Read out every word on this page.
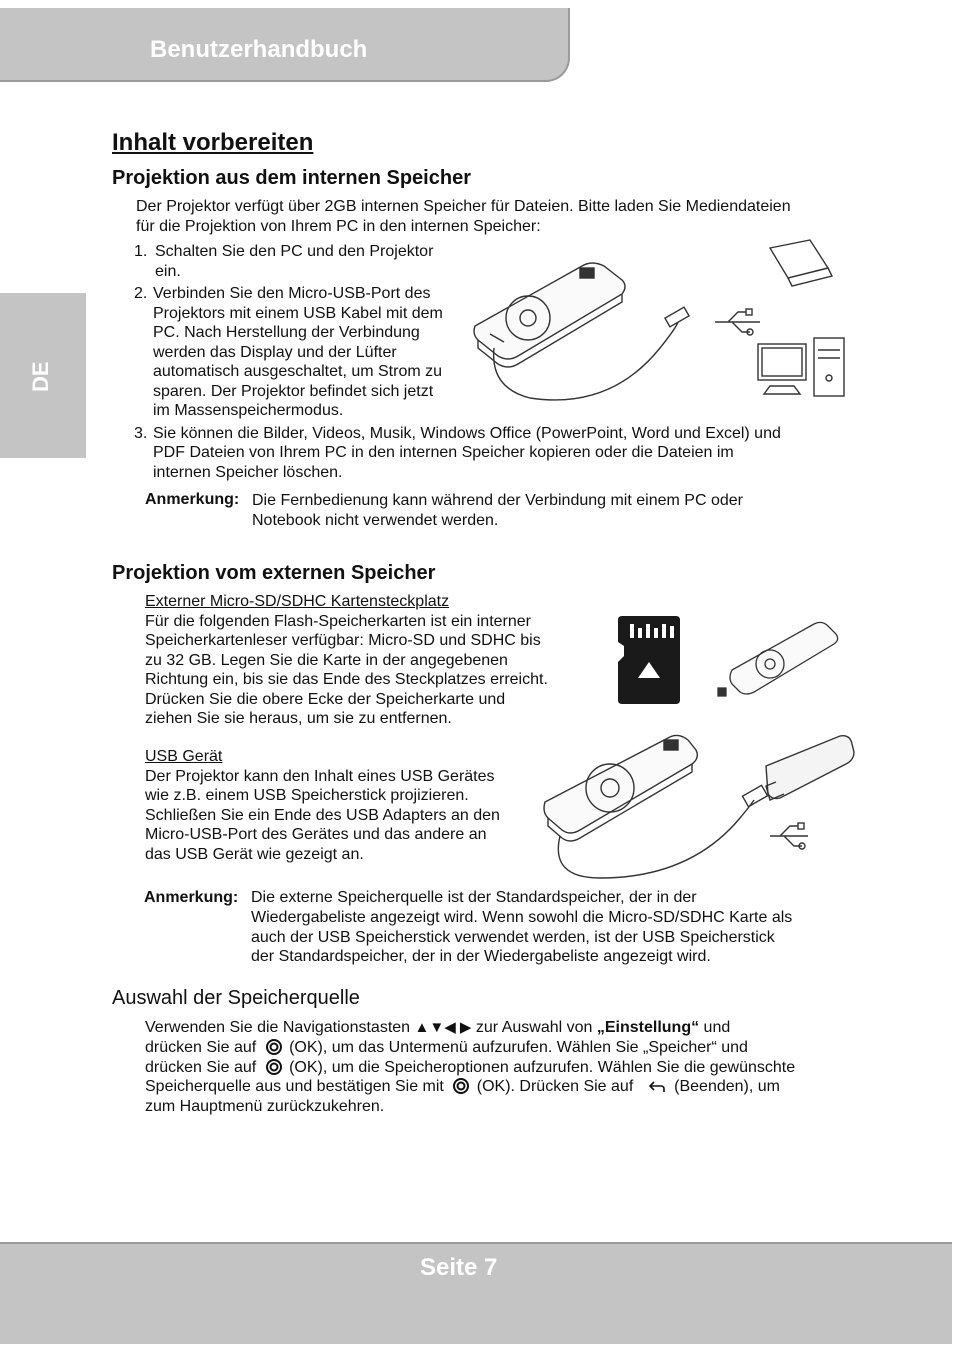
Benutzerhandbuch
DE
Inhalt vorbereiten
Projektion aus dem internen Speicher
Der Projektor verfügt über 2GB internen Speicher für Dateien. Bitte laden Sie Mediendateien
für die Projektion von Ihrem PC in den internen Speicher:
1. Schalten Sie den PC und den Projektor
ein.
2. Verbinden Sie den Micro-USB-Port des
Projektors mit einem USB Kabel mit dem
PC. Nach Herstellung der Verbindung
werden das Display und der Lüfter
automatisch ausgeschaltet, um Strom zu
sparen. Der Projektor befindet sich jetzt
im Massenspeichermodus.
3. Sie können die Bilder, Videos, Musik, Windows Office (PowerPoint, Word und Excel) und
PDF Dateien von Ihrem PC in den internen Speicher kopieren oder die Dateien im
internen Speicher löschen.
Anmerkung: Die Fernbedienung kann während der Verbindung mit einem PC oder
Notebook nicht verwendet werden.
Projektion vom externen Speicher
Externer Micro-SD/SDHC Kartensteckplatz
Für die folgenden Flash-Speicherkarten ist ein interner
Speicherkartenleser verfügbar: Micro-SD und SDHC bis
zu 32 GB. Legen Sie die Karte in der angegebenen
Richtung ein, bis sie das Ende des Steckplatzes erreicht.
Drücken Sie die obere Ecke der Speicherkarte und
ziehen Sie sie heraus, um sie zu entfernen.
USB Gerät
Der Projektor kann den Inhalt eines USB Gerätes
wie z.B. einem USB Speicherstick projizieren.
Schließen Sie ein Ende des USB Adapters an den
Micro-USB-Port des Gerätes und das andere an
das USB Gerät wie gezeigt an.
Anmerkung: Die externe Speicherquelle ist der Standardspeicher, der in der
Wiedergabeliste angezeigt wird. Wenn sowohl die Micro-SD/SDHC Karte als
auch der USB Speicherstick verwendet werden, ist der USB Speicherstick
der Standardspeicher, der in der Wiedergabeliste angezeigt wird.
Auswahl der Speicherquelle
Verwenden Sie die Navigationstasten ▲▼◀ ▶ zur Auswahl von „Einstellung“ und
drücken Sie auf  (OK), um das Untermenü aufzurufen. Wählen Sie „Speicher“ und
drücken Sie auf  (OK), um die Speicheroptionen aufzurufen. Wählen Sie die gewünschte
Speicherquelle aus und bestätigen Sie mit  (OK). Drücken Sie auf  (Beenden), um
zum Hauptmenü zurückzukehren.
Seite 7
